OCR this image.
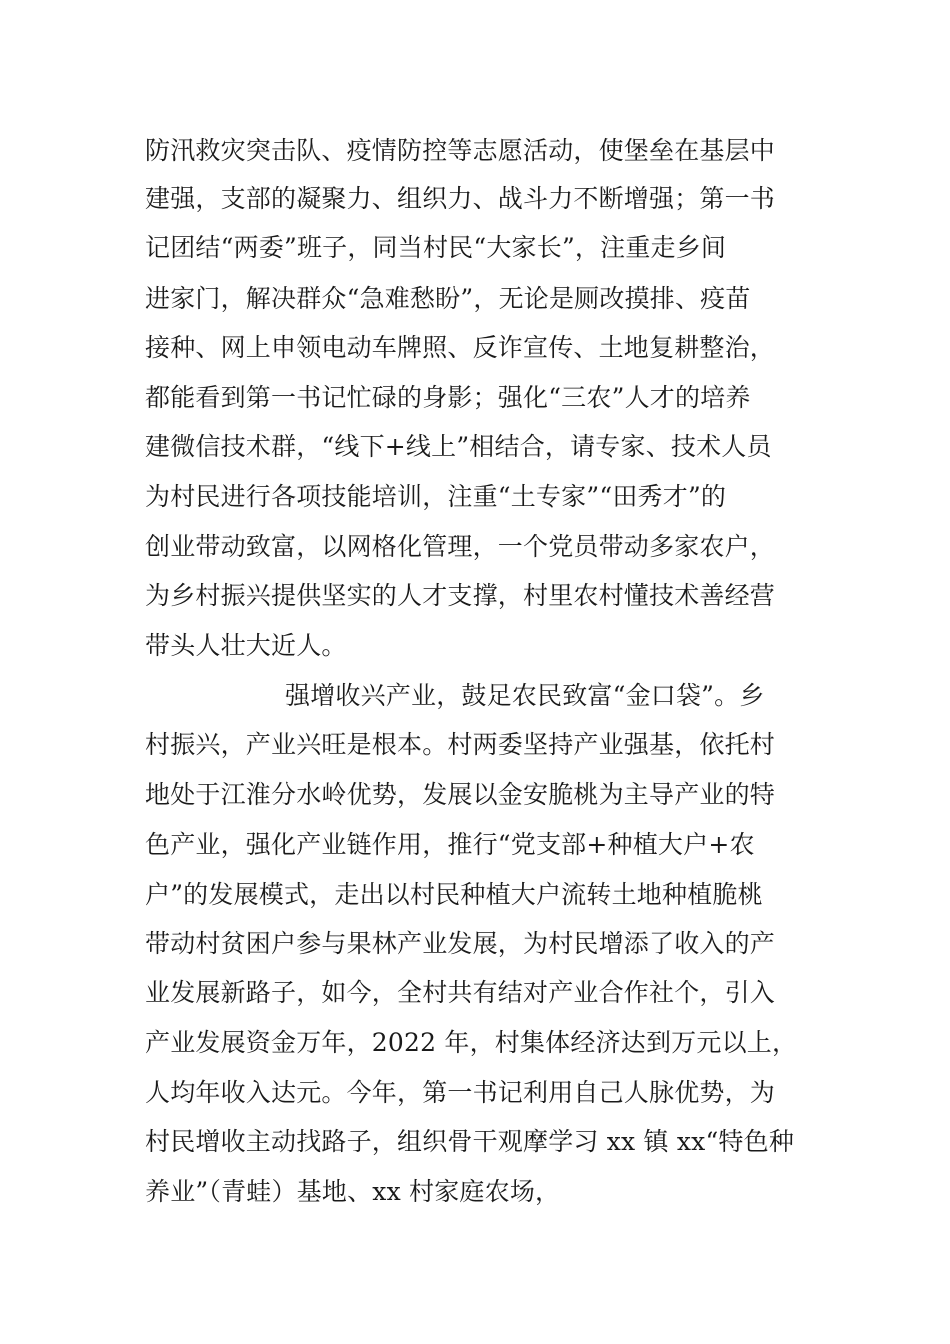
防汛救灾突击队、疫情防控等志愿活动，使堡垒在基层中
建强，支部的凝聚力、组织力、战斗力不断增强；第一书
记团结“两委”班子，同当村民“大家长”，注重走乡间
进家门，解决群众“急难愁盼”，无论是厕改摸排、疫苗
接种、网上申领电动车牌照、反诈宣传、土地复耕整治，
都能看到第一书记忙碌的身影；强化“三农”人才的培养
建微信技术群，“线下+线上”相结合，请专家、技术人员
为村民进行各项技能培训，注重“土专家”“田秀才”的
创业带动致富，以网格化管理，一个党员带动多家农户，
为乡村振兴提供坚实的人才支撑，村里农村懂技术善经营
带头人壮大近人。
强增收兴产业，鼓足农民致富“金口袋”。乡
村振兴，产业兴旺是根本。村两委坚持产业强基，依托村
地处于江淮分水岭优势，发展以金安脆桃为主导产业的特
色产业，强化产业链作用，推行“党支部+种植大户+农
户”的发展模式，走出以村民种植大户流转土地种植脆桃
带动村贫困户参与果林产业发展，为村民增添了收入的产
业发展新路子，如今，全村共有结对产业合作社个，引入
产业发展资金万年，2022 年，村集体经济达到万元以上，
人均年收入达元。今年，第一书记利用自己人脉优势，为
村民增收主动找路子，组织骨干观摩学习 xx 镇 xx“特色种
养业”（青蛙）基地、xx 村家庭农场，
